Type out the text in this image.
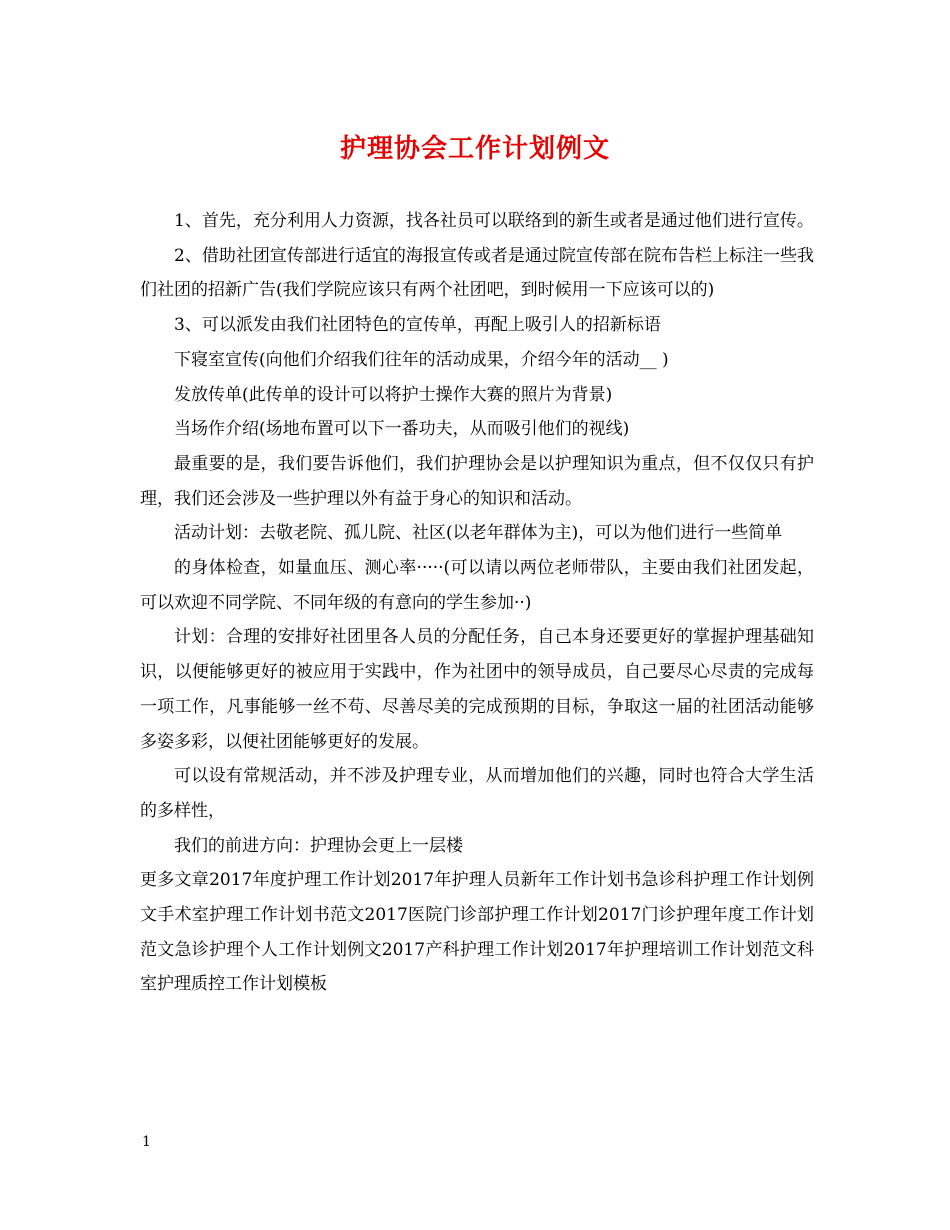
护理协会工作计划例文

1、首先，充分利用人力资源，找各社员可以联络到的新生或者是通过他们进行宣传。

2、借助社团宣传部进行适宜的海报宣传或者是通过院宣传部在院布告栏上标注一些我们社团的招新广告(我们学院应该只有两个社团吧，到时候用一下应该可以的)

3、可以派发由我们社团特色的宣传单，再配上吸引人的招新标语

下寝室宣传(向他们介绍我们往年的活动成果，介绍今年的活动__ )

发放传单(此传单的设计可以将护士操作大赛的照片为背景)

当场作介绍(场地布置可以下一番功夫，从而吸引他们的视线)

最重要的是，我们要告诉他们，我们护理协会是以护理知识为重点，但不仅仅只有护理，我们还会涉及一些护理以外有益于身心的知识和活动。

活动计划：去敬老院、孤儿院、社区(以老年群体为主)，可以为他们进行一些简单

的身体检查，如量血压、测心率·····(可以请以两位老师带队，主要由我们社团发起，可以欢迎不同学院、不同年级的有意向的学生参加··)

计划：合理的安排好社团里各人员的分配任务，自己本身还要更好的掌握护理基础知识，以便能够更好的被应用于实践中，作为社团中的领导成员，自己要尽心尽责的完成每一项工作，凡事能够一丝不苟、尽善尽美的完成预期的目标，争取这一届的社团活动能够多姿多彩，以便社团能够更好的发展。

可以设有常规活动，并不涉及护理专业，从而增加他们的兴趣，同时也符合大学生活的多样性，

我们的前进方向：护理协会更上一层楼

更多文章2017年度护理工作计划2017年护理人员新年工作计划书急诊科护理工作计划例文手术室护理工作计划书范文2017医院门诊部护理工作计划2017门诊护理年度工作计划范文急诊护理个人工作计划例文2017产科护理工作计划2017年护理培训工作计划范文科室护理质控工作计划模板

1
